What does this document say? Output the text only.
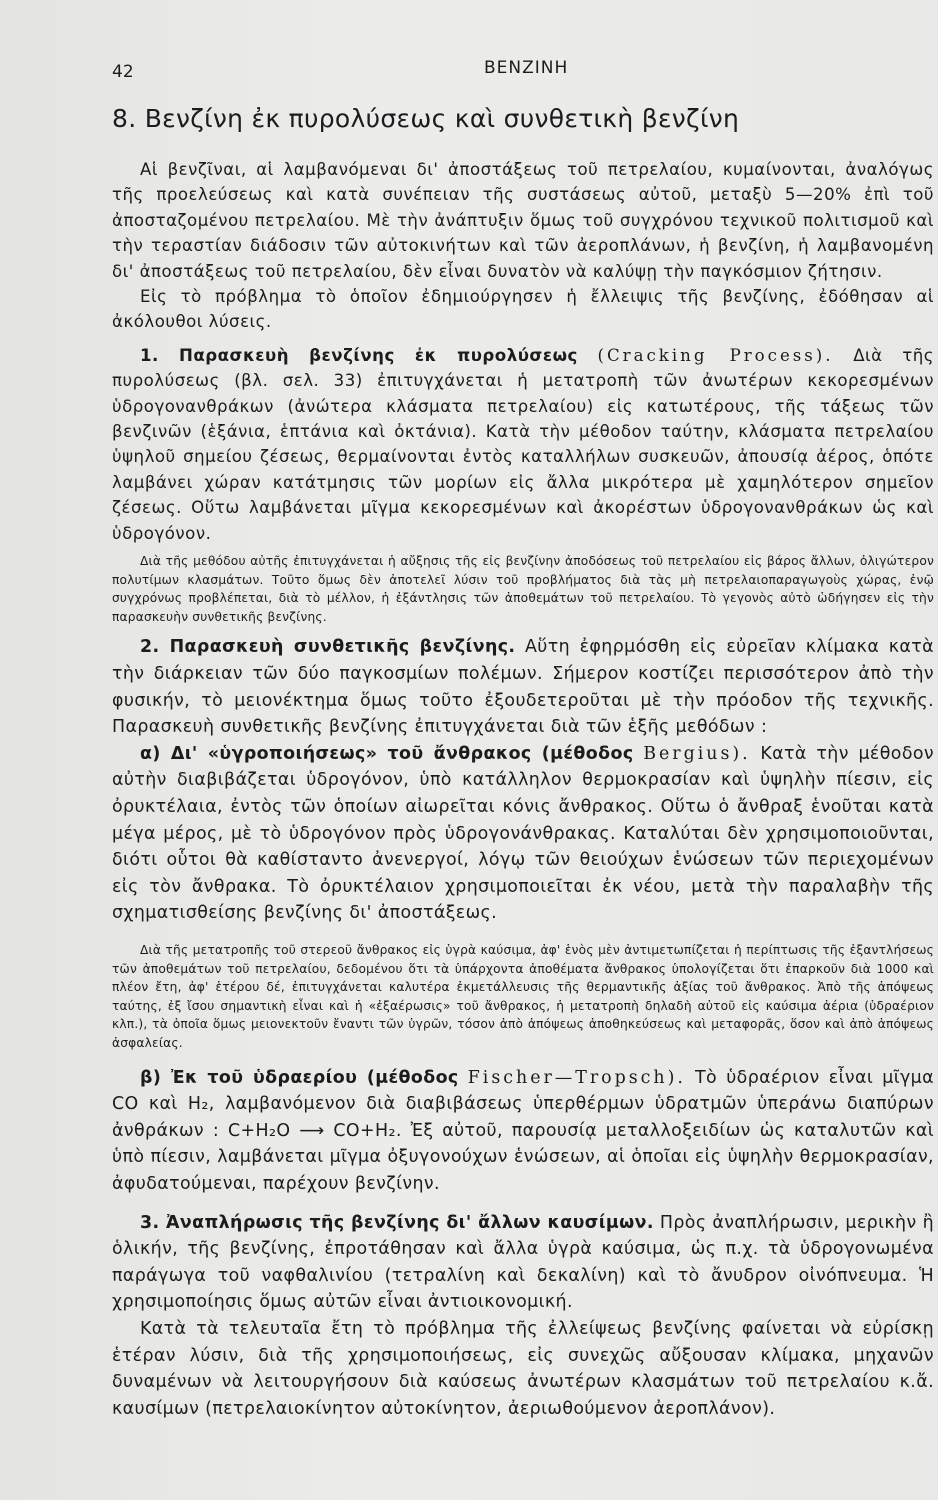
42	ΒΕΝΖΙΝΗ
8. Βενζίνη ἐκ πυρολύσεως καὶ συνθετικὴ βενζίνη

Αἱ βενζῖναι, αἱ λαμβανόμεναι δι' ἀποστάξεως τοῦ πετρελαίου, κυμαίνονται, ἀναλόγως τῆς προελεύσεως καὶ κατὰ συνέπειαν τῆς συστάσεως αὐτοῦ, μεταξὺ 5—20% ἐπὶ τοῦ ἀποσταζομένου πετρελαίου. Μὲ τὴν ἀνάπτυξιν ὅμως τοῦ συγχρόνου τεχνικοῦ πολιτισμοῦ καὶ τὴν τεραστίαν διάδοσιν τῶν αὐτοκινήτων καὶ τῶν ἀεροπλάνων, ἡ βενζίνη, ἡ λαμβανομένη δι' ἀποστάξεως τοῦ πετρελαίου, δὲν εἶναι δυνατὸν νὰ καλύψῃ τὴν παγκόσμιον ζήτησιν.

Εἰς τὸ πρόβλημα τὸ ὁποῖον ἐδημιούργησεν ἡ ἔλλειψις τῆς βενζίνης, ἐδόθησαν αἱ ἀκόλουθοι λύσεις.

1. Παρασκευὴ βενζίνης ἐκ πυρολύσεως (Cracking Process). Διὰ τῆς πυρολύσεως (βλ. σελ. 33) ἐπιτυγχάνεται ἡ μετατροπὴ τῶν ἀνωτέρων κεκορεσμένων ὑδρογονανθράκων (ἀνώτερα κλάσματα πετρελαίου) εἰς κατωτέρους, τῆς τάξεως τῶν βενζινῶν (ἑξάνια, ἑπτάνια καὶ ὀκτάνια). Κατὰ τὴν μέθοδον ταύτην, κλάσματα πετρελαίου ὑψηλοῦ σημείου ζέσεως, θερμαίνονται ἐντὸς καταλλήλων συσκευῶν, ἀπουσίᾳ ἀέρος, ὁπότε λαμβάνει χώραν κατάτμησις τῶν μορίων εἰς ἄλλα μικρότερα μὲ χαμηλότερον σημεῖον ζέσεως. Οὕτω λαμβάνεται μῖγμα κεκορεσμένων καὶ ἀκορέστων ὑδρογονανθράκων ὡς καὶ ὑδρογόνον.

Διὰ τῆς μεθόδου αὐτῆς ἐπιτυγχάνεται ἡ αὔξησις τῆς εἰς βενζίνην ἀποδόσεως τοῦ πετρελαίου εἰς βάρος ἄλλων, ὀλιγώτερον πολυτίμων κλασμάτων. Τοῦτο ὅμως δὲν ἀποτελεῖ λύσιν τοῦ προβλήματος διὰ τὰς μὴ πετρελαιοπαραγωγοὺς χώρας, ἐνῷ συγχρόνως προβλέπεται, διὰ τὸ μέλλον, ἡ ἐξάντλησις τῶν ἀποθεμάτων τοῦ πετρελαίου. Τὸ γεγονὸς αὐτὸ ὡδήγησεν εἰς τὴν παρασκευὴν συνθετικῆς βενζίνης.

2. Παρασκευὴ συνθετικῆς βενζίνης. Αὕτη ἐφηρμόσθη εἰς εὐρεῖαν κλίμακα κατὰ τὴν διάρκειαν τῶν δύο παγκοσμίων πολέμων. Σήμερον κοστίζει περισσότερον ἀπὸ τὴν φυσικήν, τὸ μειονέκτημα ὅμως τοῦτο ἐξουδετεροῦται μὲ τὴν πρόοδον τῆς τεχνικῆς. Παρασκευὴ συνθετικῆς βενζίνης ἐπιτυγχάνεται διὰ τῶν ἑξῆς μεθόδων :

α) Δι' «ὑγροποιήσεως» τοῦ ἄνθρακος (μέθοδος Bergius). Κατὰ τὴν μέθοδον αὐτὴν διαβιβάζεται ὑδρογόνον, ὑπὸ κατάλληλον θερμοκρασίαν καὶ ὑψηλὴν πίεσιν, εἰς ὀρυκτέλαια, ἐντὸς τῶν ὁποίων αἰωρεῖται κόνις ἄνθρακος. Οὕτω ὁ ἄνθραξ ἑνοῦται κατὰ μέγα μέρος, μὲ τὸ ὑδρογόνον πρὸς ὑδρογονάνθρακας. Καταλύται δὲν χρησιμοποιοῦνται, διότι οὗτοι θὰ καθίσταντο ἀνενεργοί, λόγῳ τῶν θειούχων ἑνώσεων τῶν περιεχομένων εἰς τὸν ἄνθρακα. Τὸ ὀρυκτέλαιον χρησιμοποιεῖται ἐκ νέου, μετὰ τὴν παραλαβὴν τῆς σχηματισθείσης βενζίνης δι' ἀποστάξεως.

Διὰ τῆς μετατροπῆς τοῦ στερεοῦ ἄνθρακος εἰς ὑγρὰ καύσιμα, ἀφ' ἑνὸς μὲν ἀντιμετωπίζεται ἡ περίπτωσις τῆς ἐξαντλήσεως τῶν ἀποθεμάτων τοῦ πετρελαίου, δεδομένου ὅτι τὰ ὑπάρχοντα ἀποθέματα ἄνθρακος ὑπολογίζεται ὅτι ἐπαρκοῦν διὰ 1000 καὶ πλέον ἔτη, ἀφ' ἑτέρου δέ, ἐπιτυγχάνεται καλυτέρα ἐκμετάλλευσις τῆς θερμαντικῆς ἀξίας τοῦ ἄνθρακος. Ἀπὸ τῆς ἀπόψεως ταύτης, ἐξ ἴσου σημαντικὴ εἶναι καὶ ἡ «ἐξαέρωσις» τοῦ ἄνθρακος, ἡ μετατροπὴ δηλαδὴ αὐτοῦ εἰς καύσιμα ἀέρια (ὑδραέριον κλπ.), τὰ ὁποῖα ὅμως μειονεκτοῦν ἔναντι τῶν ὑγρῶν, τόσον ἀπὸ ἀπόψεως ἀποθηκεύσεως καὶ μεταφορᾶς, ὅσον καὶ ἀπὸ ἀπόψεως ἀσφαλείας.

β) Ἐκ τοῦ ὑδραερίου (μέθοδος Fischer—Tropsch). Τὸ ὑδραέριον εἶναι μῖγμα CO καὶ H₂, λαμβανόμενον διὰ διαβιβάσεως ὑπερθέρμων ὑδρατμῶν ὑπεράνω διαπύρων ἀνθράκων : C+H₂O ⟶ CO+H₂. Ἐξ αὐτοῦ, παρουσίᾳ μεταλλοξειδίων ὡς καταλυτῶν καὶ ὑπὸ πίεσιν, λαμβάνεται μῖγμα ὀξυγονούχων ἑνώσεων, αἱ ὁποῖαι εἰς ὑψηλὴν θερμοκρασίαν, ἀφυδατούμεναι, παρέχουν βενζίνην.

3. Ἀναπλήρωσις τῆς βενζίνης δι' ἄλλων καυσίμων. Πρὸς ἀναπλήρωσιν, μερικὴν ἢ ὁλικήν, τῆς βενζίνης, ἐπροτάθησαν καὶ ἄλλα ὑγρὰ καύσιμα, ὡς π.χ. τὰ ὑδρογονωμένα παράγωγα τοῦ ναφθαλινίου (τετραλίνη καὶ δεκαλίνη) καὶ τὸ ἄνυδρον οἰνόπνευμα. Ἡ χρησιμοποίησις ὅμως αὐτῶν εἶναι ἀντιοικονομική.

Κατὰ τὰ τελευταῖα ἔτη τὸ πρόβλημα τῆς ἐλλείψεως βενζίνης φαίνεται νὰ εὑρίσκῃ ἑτέραν λύσιν, διὰ τῆς χρησιμοποιήσεως, εἰς συνεχῶς αὔξουσαν κλίμακα, μηχανῶν δυναμένων νὰ λειτουργήσουν διὰ καύσεως ἀνωτέρων κλασμάτων τοῦ πετρελαίου κ.ἄ. καυσίμων (πετρελαιοκίνητον αὐτοκίνητον, ἀεριωθούμενον ἀεροπλάνον).
